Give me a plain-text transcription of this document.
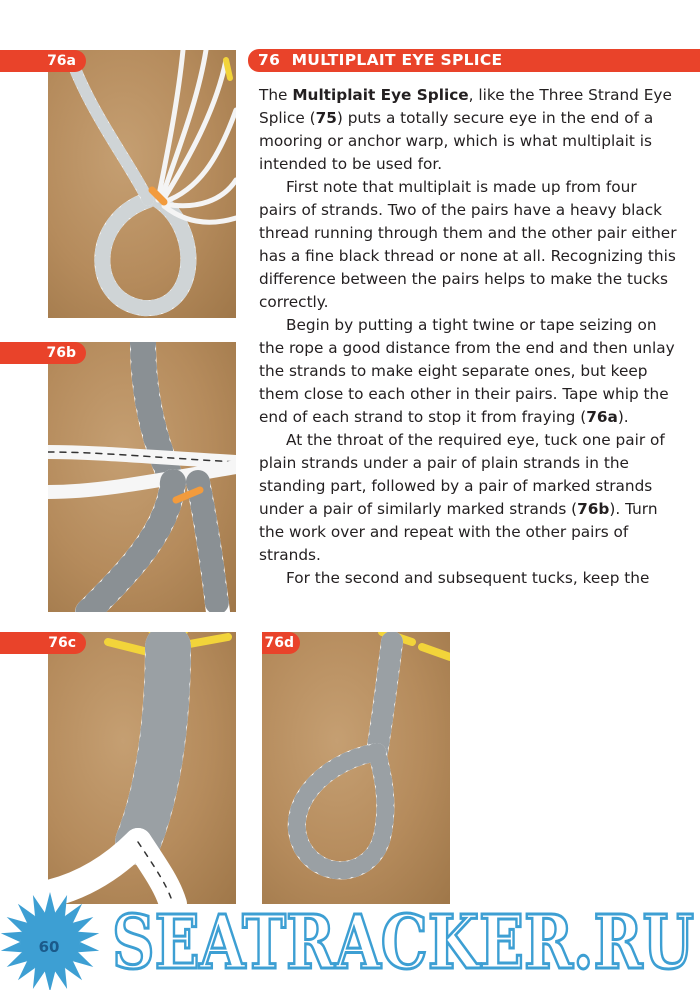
76a
76b
76c	76d
76 MULTIPLAIT EYE SPLICE

The Multiplait Eye Splice, like the Three Strand Eye Splice (75) puts a totally secure eye in the end of a mooring or anchor warp, which is what multiplait is intended to be used for.

First note that multiplait is made up from four pairs of strands. Two of the pairs have a heavy black thread running through them and the other pair either has a fine black thread or none at all. Recognizing this difference between the pairs helps to make the tucks correctly.

Begin by putting a tight twine or tape seizing on the rope a good distance from the end and then unlay the strands to make eight separate ones, but keep them close to each other in their pairs. Tape whip the end of each strand to stop it from fraying (76a).

At the throat of the required eye, tuck one pair of plain strands under a pair of plain strands in the standing part, followed by a pair of marked strands under a pair of similarly marked strands (76b). Turn the work over and repeat with the other pairs of strands.

For the second and subsequent tucks, keep the

60 SEATRACKER.RU
